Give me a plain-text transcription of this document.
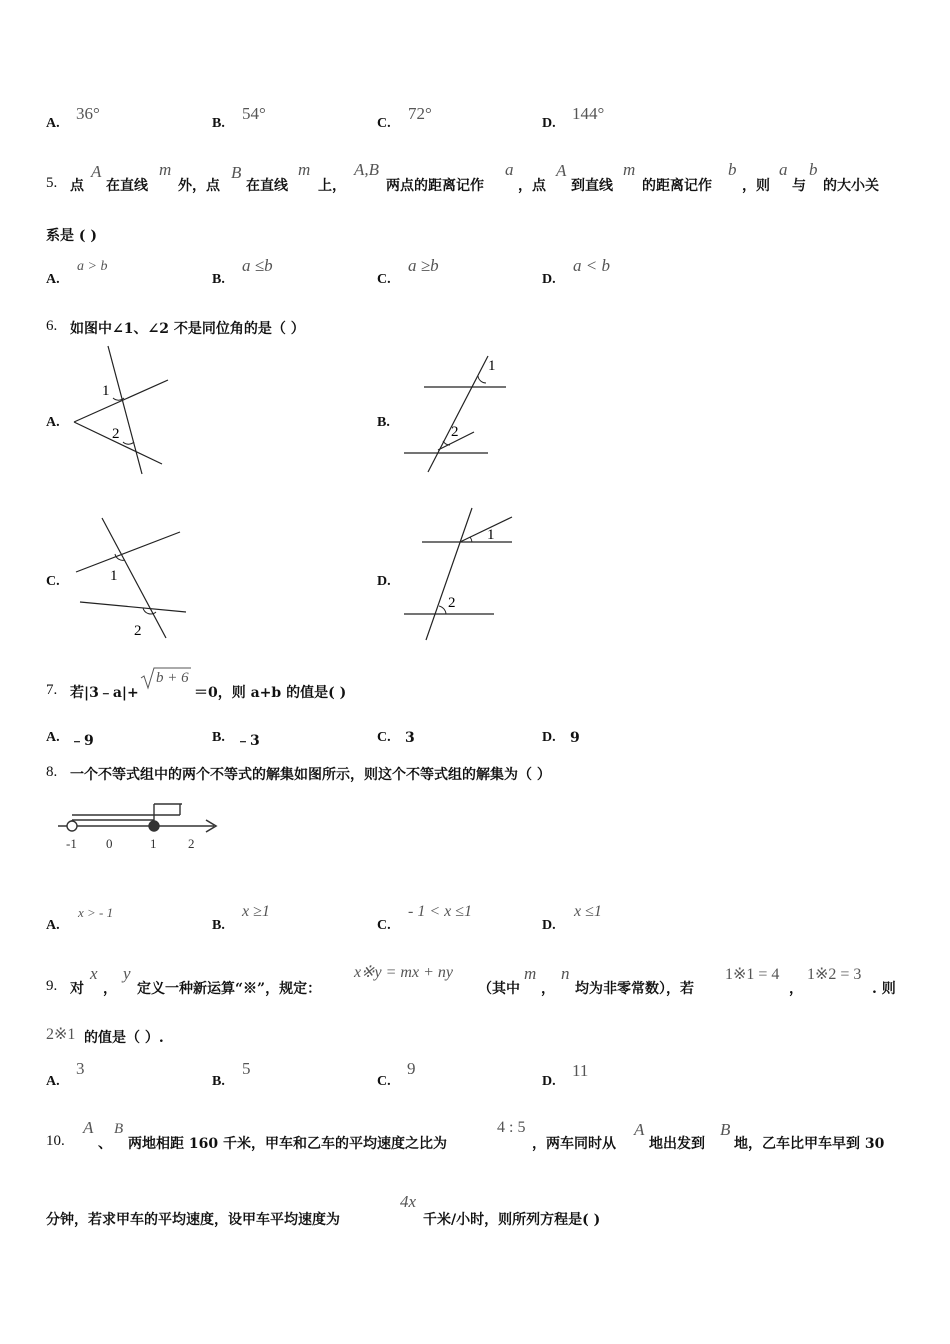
A.
36°
B.
54°
C.
72°
D.
144°
5. 点
A
在直线
m
外，点
B
在直线
m
上，
A,B
两点的距离记作
a
，点
A
到直线
m
的距离记作
b
，则
a
与
b
的大小关
系是 ( )
A.
a > b
B.
a ≤b
C.
a ≥b
D.
a < b
6. 如图中∠1、∠2 不是同位角的是（ ）
A.
1
2
B.
1
2
C.	1
2
D.
1
2
7. 若|3﹣a|+
b + 6
＝0，则 a+b 的值是( )
A. ﹣9	B. ﹣3	C. 3	D. 9
8. 一个不等式组中的两个不等式的解集如图所示，则这个不等式组的解集为（ ）
-1 0	1 2
A.
x > - 1
B.
x ≥1
C.
- 1 < x ≤1
D.
x ≤1
9. 对
x
，
y
定义一种新运算“※”，规定：
x※y = mx + ny
（其中
m
，
n
均为非零常数），若
1※1 = 4
，
1※2 = 3
. 则
2※1 的值是（ ）.
A.
3
B.
5
C.
9
D.
11
10.
A
、
B
两地相距 160 千米，甲车和乙车的平均速度之比为
4 : 5
，两车同时从
A
地出发到
B
地，乙车比甲车早到 30
分钟，若求甲车的平均速度，设甲车平均速度为
4x
千米/小时，则所列方程是( )
